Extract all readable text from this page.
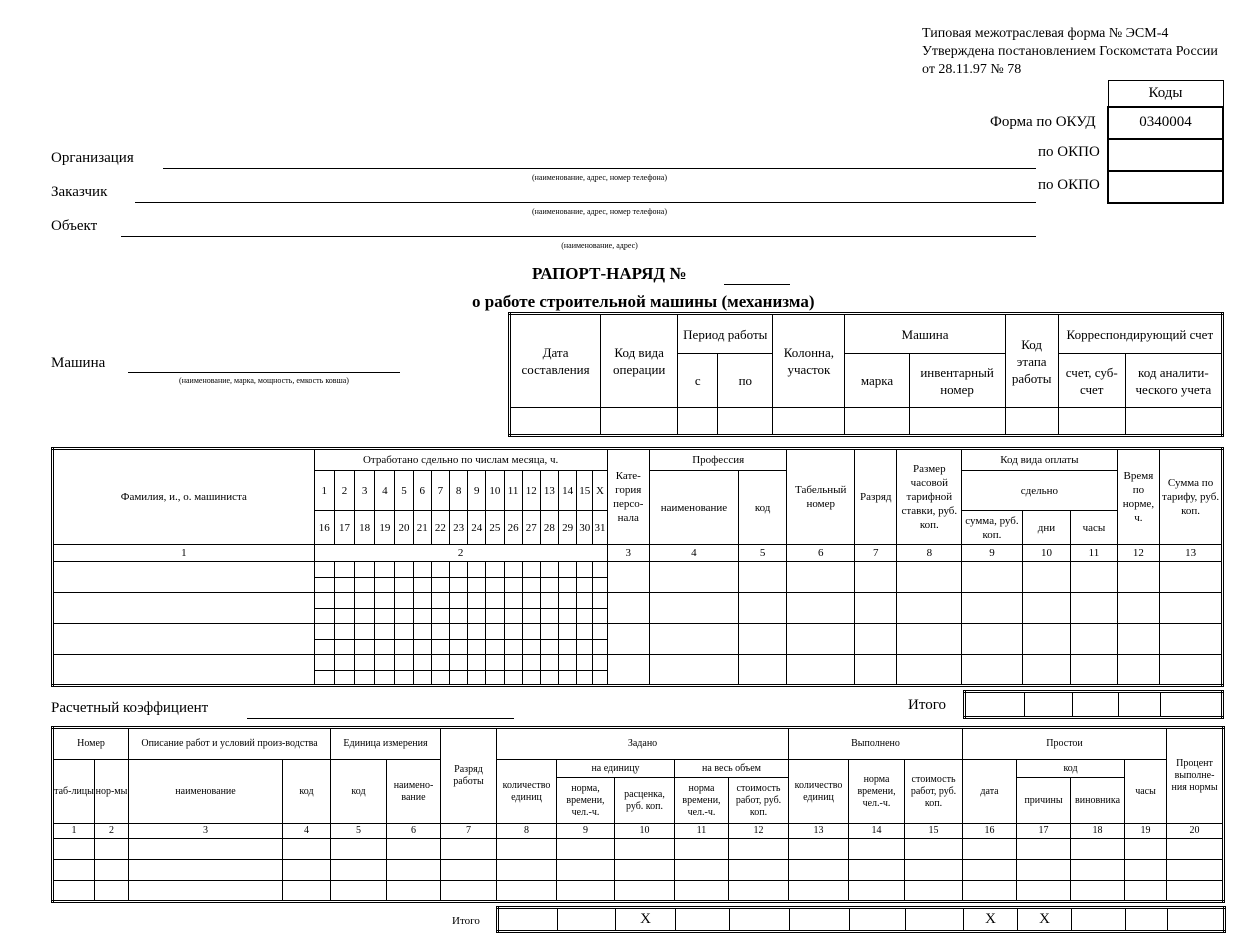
Типовая межотраслевая форма № ЭСМ-4
Утверждена постановлением Госкомстата России
от 28.11.97 № 78
Форма по ОКУД
по ОКПО
по ОКПО
Коды
0340004

Организация
(наименование, адрес, номер телефона)
Заказчик
(наименование, адрес, номер телефона)
Объект
(наименование, адрес)
РАПОРТ-НАРЯД №
о работе строительной машины (механизма)
Машина
(наименование, марка, мощность, емкость ковша)
Дата составления	Код вида операции	Период работы		Колонна, участок	Машина		Код этапа работы	Корреспондирующий счет	
		с	по		марка	инвентарный номер		счет, суб-счет	код аналити-ческого учета

Фамилия, и., о. машиниста	Отработано сдельно по числам месяца, ч.																Кате-гория персо-нала	Профессия		Табельный номер	Разряд	Размер часовой тарифной ставки, руб. коп.	Код вида оплаты			Время по норме, ч.	Сумма по тарифу, руб. коп.
	1	2	3	4	5	6	7	8	9	10	11	12	13	14	15	X		наименование	код				сдельно				
	16	17	18	19	20	21	22	23	24	25	26	27	28	29	30	31							сумма, руб. коп.	дни	часы		
1	2																3	4	5	6	7	8	9	10	11	12	13

Расчетный коэффициент	Итого

Номер		Описание работ и условий произ-водства		Единица измерения		Разряд работы	Задано					Выполнено			Простои				Процент выполне-ния нормы
таб-лицы	нор-мы	наименование	код	код	наимено-вание		количество единиц	на единицу		на весь объем		количество единиц	норма времени, чел.-ч.	стоимость работ, руб. коп.	дата	код		часы	
								норма, времени, чел.-ч.	расценка, руб. коп.	норма времени, чел.-ч.	стоимость работ, руб. коп.					причины	виновника		
1	2	3	4	5	6	7	8	9	10	11	12	13	14	15	16	17	18	19	20

Итого
			Х						Х	Х			
